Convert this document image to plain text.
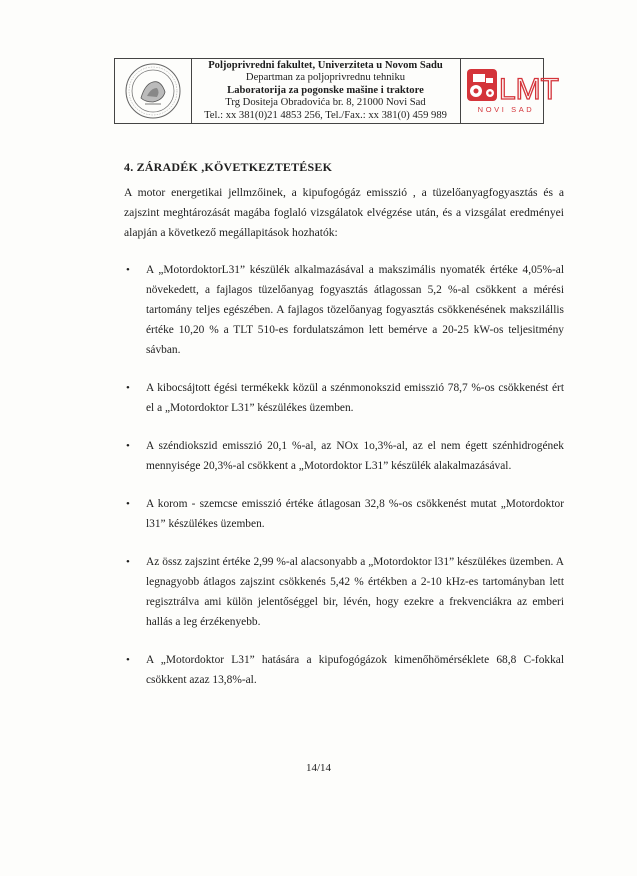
Poljoprivredni fakultet, Univerziteta u Novom Sadu
Departman za poljoprivrednu tehniku
Laboratorija za pogonske mašine i traktore
Trg Dositeja Obradovića br. 8, 21000 Novi Sad
Tel.: xx 381(0)21 4853 256, Tel./Fax.: xx 381(0) 459 989
LMT
NOVI SAD
4. ZÁRADÉK ,KÖVETKEZTETÉSEK
A motor energetikai jellmzőinek, a kipufogógáz emisszió , a tüzelőanyagfogyasztás és a zajszint meghtározását magába foglaló vizsgálatok elvégzése után, és a vizsgálat eredményei alapján a következő megállapitások hozhatók:
• A „MotordoktorL31” készülék alkalmazásával a makszimális nyomaték értéke 4,05%-al növekedett, a fajlagos tüzelőanyag fogyasztás átlagossan 5,2 %-al csökkent a mérési tartomány teljes egészében. A fajlagos tözelőanyag fogyasztás csökkenésének makszilállis értéke 10,20 % a TLT 510-es fordulatszámon lett bemérve a 20-25 kW-os teljesitmény sávban.
• A kibocsájtott égési termékekk közül a szénmonokszid emisszió 78,7 %-os csökkenést ért el a „Motordoktor L31” készülékes üzemben.
• A széndiokszid emisszió 20,1 %-al, az NOx 1o,3%-al, az el nem égett szénhidrogének mennyisége 20,3%-al csökkent a „Motordoktor L31” készülék alakalmazásával.
• A korom - szemcse emisszió értéke átlagosan 32,8 %-os csökkenést mutat „Motordoktor l31” készülékes üzemben.
• Az össz zajszint értéke 2,99 %-al alacsonyabb a „Motordoktor l31” készülékes üzemben. A legnagyobb átlagos zajszint csökkenés 5,42 % értékben a 2-10 kHz-es tartományban lett regisztrálva ami külön jelentőséggel bir, lévén, hogy ezekre a frekvenciákra az emberi hallás a leg érzékenyebb.
• A „Motordoktor L31” hatására a kipufogógázok kimenőhömérséklete 68,8 C-fokkal csökkent azaz 13,8%-al.
14/14
